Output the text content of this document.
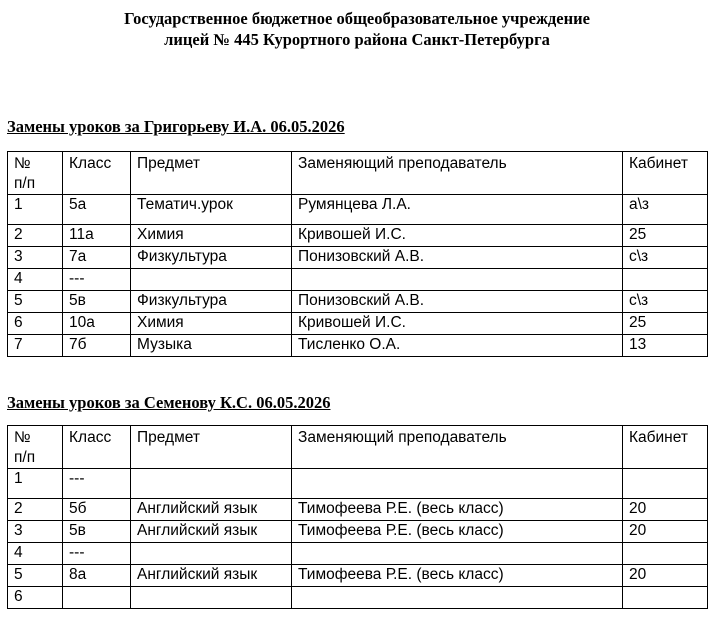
Государственное бюджетное общеобразовательное учреждение
лицей № 445 Курортного района Санкт-Петербурга
Замены уроков за Григорьеву И.А. 06.05.2026
№
п/п	Класс	Предмет	Заменяющий преподаватель	Кабинет
1	5а	Тематич.урок	Румянцева Л.А.	а\з
2	11а	Химия	Кривошей И.С.	25
3	7а	Физкультура	Понизовский А.В.	с\з
4	---			
5	5в	Физкультура	Понизовский А.В.	с\з
6	10а	Химия	Кривошей И.С.	25
7	7б	Музыка	Тисленко О.А.	13
Замены уроков за Семенову К.С. 06.05.2026
№
п/п	Класс	Предмет	Заменяющий преподаватель	Кабинет
1	---			
2	5б	Английский язык	Тимофеева Р.Е. (весь класс)	20
3	5в	Английский язык	Тимофеева Р.Е. (весь класс)	20
4	---			
5	8а	Английский язык	Тимофеева Р.Е. (весь класс)	20
6				
